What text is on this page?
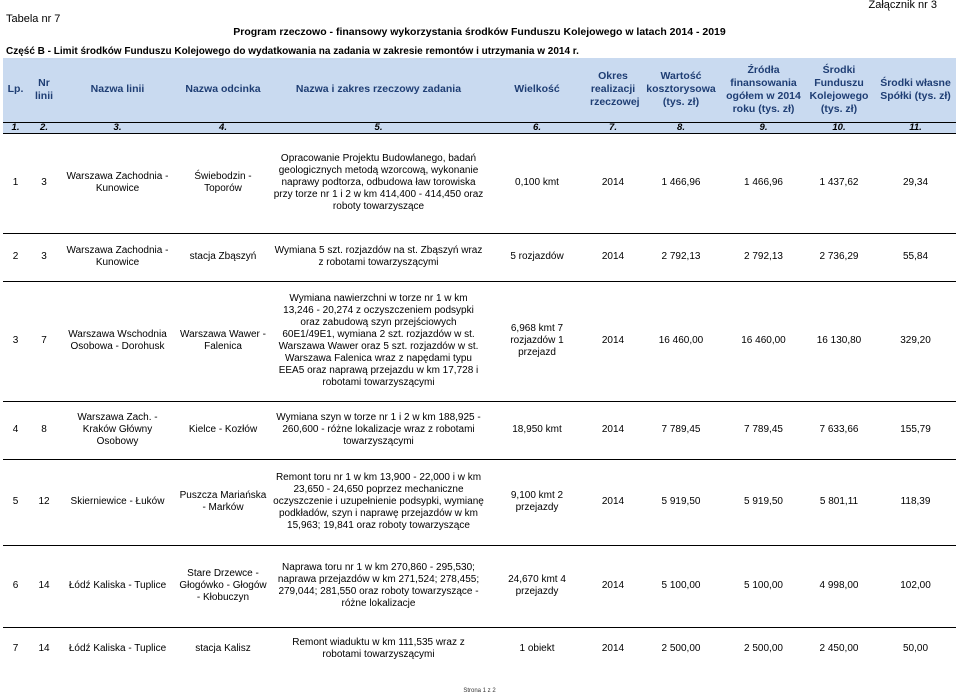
Tabela nr 7
Załącznik nr 3
Program rzeczowo - finansowy wykorzystania środków Funduszu Kolejowego w latach 2014 - 2019
Część B - Limit środków Funduszu Kolejowego do wydatkowania na zadania w zakresie remontów i utrzymania w 2014 r.
Lp.	Nr linii	Nazwa linii	Nazwa odcinka	Nazwa i zakres rzeczowy zadania	Wielkość	Okres realizacji rzeczowej	Wartość kosztorysowa (tys. zł)	Źródła finansowania ogółem w 2014 roku (tys. zł)	Środki Funduszu Kolejowego (tys. zł)	Środki własne Spółki (tys. zł)
1.	2.	3.	4.	5.	6.	7.	8.	9.	10.	11.
1	3	Warszawa Zachodnia - Kunowice	Świebodzin - Toporów	Opracowanie Projektu Budowlanego, badań geologicznych metodą wzorcową, wykonanie naprawy podtorza, odbudowa ław torowiska przy torze nr 1 i 2 w km 414,400 - 414,450 oraz roboty towarzyszące	0,100 kmt	2014	1 466,96	1 466,96	1 437,62	29,34
2	3	Warszawa Zachodnia - Kunowice	stacja Zbąszyń	Wymiana 5 szt. rozjazdów na st. Zbąszyń wraz z robotami towarzyszącymi	5 rozjazdów	2014	2 792,13	2 792,13	2 736,29	55,84
3	7	Warszawa Wschodnia Osobowa - Dorohusk	Warszawa Wawer - Falenica	Wymiana nawierzchni w torze nr 1 w km 13,246 - 20,274 z oczyszczeniem podsypki oraz zabudową szyn przejściowych 60E1/49E1, wymiana 2 szt. rozjazdów w st. Warszawa Wawer oraz 5 szt. rozjazdów w st. Warszawa Falenica wraz z napędami typu EEA5 oraz naprawą przejazdu w km 17,728 i robotami towarzyszącymi	6,968 kmt 7 rozjazdów 1 przejazd	2014	16 460,00	16 460,00	16 130,80	329,20
4	8	Warszawa Zach. - Kraków Główny Osobowy	Kielce - Kozłów	Wymiana szyn w torze nr 1 i 2 w km 188,925 - 260,600 - różne lokalizacje wraz z robotami towarzyszącymi	18,950 kmt	2014	7 789,45	7 789,45	7 633,66	155,79
5	12	Skierniewice - Łuków	Puszcza Mariańska - Marków	Remont toru nr 1 w km 13,900 - 22,000 i w km 23,650 - 24,650 poprzez mechaniczne oczyszczenie i uzupełnienie podsypki, wymianę podkładów, szyn i naprawę przejazdów w km 15,963; 19,841 oraz roboty towarzyszące	9,100 kmt 2 przejazdy	2014	5 919,50	5 919,50	5 801,11	118,39
6	14	Łódź Kaliska - Tuplice	Stare Drzewce - Głogówko - Głogów - Kłobuczyn	Naprawa toru nr 1 w km 270,860 - 295,530; naprawa przejazdów w km 271,524; 278,455; 279,044; 281,550 oraz roboty towarzyszące - różne lokalizacje	24,670 kmt 4 przejazdy	2014	5 100,00	5 100,00	4 998,00	102,00
7	14	Łódź Kaliska - Tuplice	stacja Kalisz	Remont wiaduktu w km 111,535 wraz z robotami towarzyszącymi	1 obiekt	2014	2 500,00	2 500,00	2 450,00	50,00
Strona 1 z 2
